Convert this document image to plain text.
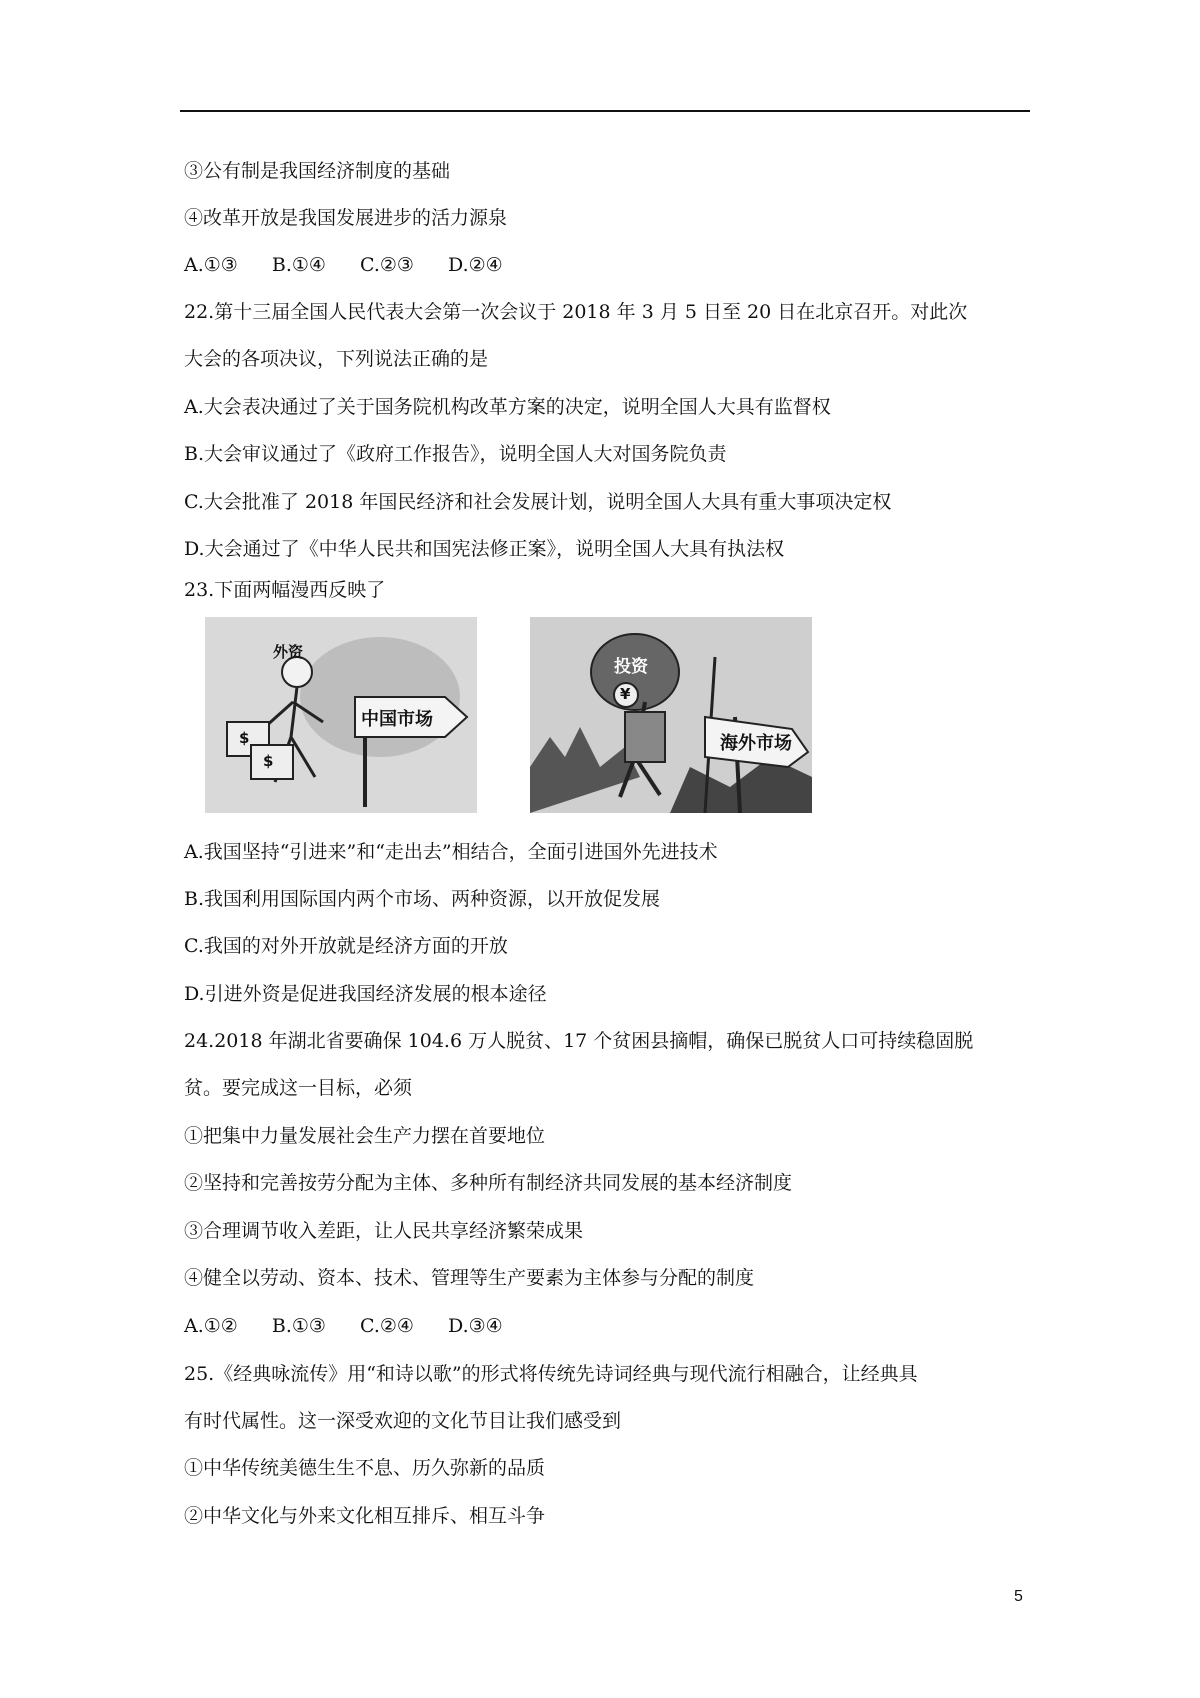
③公有制是我国经济制度的基础
④改革开放是我国发展进步的活力源泉
A.①③ B.①④ C.②③ D.②④
22.第十三届全国人民代表大会第一次会议于 2018 年 3 月 5 日至 20 日在北京召开。对此次
大会的各项决议，下列说法正确的是
A.大会表决通过了关于国务院机构改革方案的决定，说明全国人大具有监督权
B.大会审议通过了《政府工作报告》，说明全国人大对国务院负责
C.大会批准了 2018 年国民经济和社会发展计划，说明全国人大具有重大事项决定权
D.大会通过了《中华人民共和国宪法修正案》，说明全国人大具有执法权
23.下面两幅漫西反映了
外资
$
$
中国市场
投资
¥
海外市场
A.我国坚持“引进来”和“走出去”相结合，全面引进国外先进技术
B.我国利用国际国内两个市场、两种资源，以开放促发展
C.我国的对外开放就是经济方面的开放
D.引进外资是促进我国经济发展的根本途径
24.2018 年湖北省要确保 104.6 万人脱贫、17 个贫困县摘帽，确保已脱贫人口可持续稳固脱
贫。要完成这一目标，必须
①把集中力量发展社会生产力摆在首要地位
②坚持和完善按劳分配为主体、多种所有制经济共同发展的基本经济制度
③合理调节收入差距，让人民共享经济繁荣成果
④健全以劳动、资本、技术、管理等生产要素为主体参与分配的制度
A.①② B.①③ C.②④ D.③④
25.《经典咏流传》用“和诗以歌”的形式将传统先诗词经典与现代流行相融合，让经典具
有时代属性。这一深受欢迎的文化节目让我们感受到
①中华传统美德生生不息、历久弥新的品质
②中华文化与外来文化相互排斥、相互斗争
5
